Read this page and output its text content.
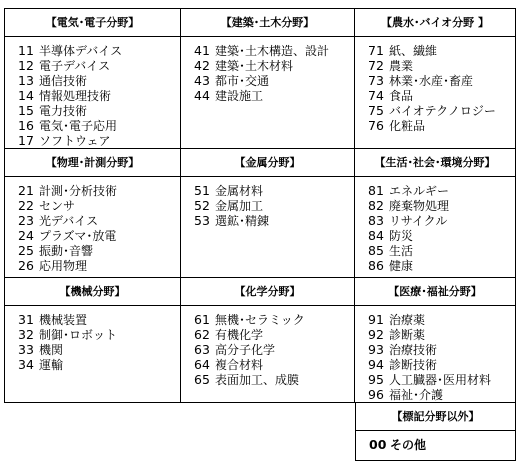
【電気･電子分野】
11 半導体デバイス
12 電子デバイス
13 通信技術
14 情報処理技術
15 電力技術
16 電気･電子応用
17 ソフトウェア
【建築･土木分野】
41 建築･土木構造、設計
42 建築･土木材料
43 都市･交通
44 建設施工
【農水･バイオ分野 】
71 紙、繊維
72 農業
73 林業･水産･畜産
74 食品
75 バイオテクノロジー
76 化粧品
【物理･計測分野】
21 計測･分析技術
22 センサ
23 光デバイス
24 プラズマ･放電
25 振動･音響
26 応用物理
【金属分野】
51 金属材料
52 金属加工
53 選鉱･精錬
【生活･社会･環境分野】
81 エネルギー
82 廃棄物処理
83 リサイクル
84 防災
85生活
86 健康
【機械分野】
31 機械装置
32 制御･ロボット
33 機関
34 運輸
【化学分野】
61 無機･セラミック
62 有機化学
63 高分子化学
64 複合材料
65 表面加工、成膜
【医療･福祉分野】
91 治療薬
92 診断薬
93 治療技術
94 診断技術
95 人工臓器･医用材料
96 福祉･介護
【標記分野以外】
00 その他
